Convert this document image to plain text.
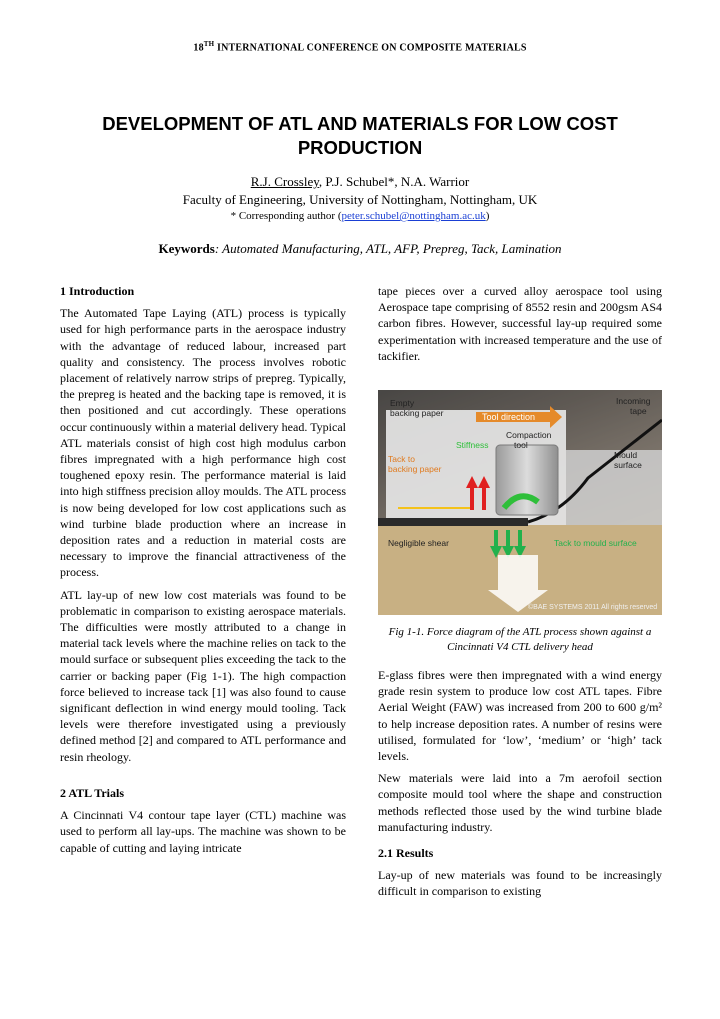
18TH INTERNATIONAL CONFERENCE ON COMPOSITE MATERIALS
DEVELOPMENT OF ATL AND MATERIALS FOR LOW COST PRODUCTION
R.J. Crossley, P.J. Schubel*, N.A. Warrior
Faculty of Engineering, University of Nottingham, Nottingham, UK
* Corresponding author (peter.schubel@nottingham.ac.uk)
Keywords: Automated Manufacturing, ATL, AFP, Prepreg, Tack, Lamination
1 Introduction

The Automated Tape Laying (ATL) process is typically used for high performance parts in the aerospace industry with the advantage of reduced labour, increased part quality and consistency. The process involves robotic placement of relatively narrow strips of prepreg. Typically, the prepreg is heated and the backing tape is removed, it is then positioned and cut accordingly. These operations occur continuously within a material delivery head. Typical ATL materials consist of high cost high modulus carbon fibres impregnated with a high performance high cost toughened epoxy resin. The performance material is laid into high stiffness precision alloy moulds. The ATL process is now being developed for low cost applications such as wind turbine blade production where an increase in deposition rates and a reduction in material costs are necessary to improve the financial attractiveness of the process.

ATL lay-up of new low cost materials was found to be problematic in comparison to existing aerospace materials. The difficulties were mostly attributed to a change in material tack levels where the machine relies on tack to the mould surface or subsequent plies exceeding the tack to the carrier or backing paper (Fig 1-1). The high compaction force believed to increase tack [1] was also found to cause significant deflection in wind energy mould tooling. Tack levels were therefore investigated using a previously defined method [2] and compared to ATL performance and resin rheology.

2 ATL Trials

A Cincinnati V4 contour tape layer (CTL) machine was used to perform all lay-ups. The machine was shown to be capable of cutting and laying intricate

tape pieces over a curved alloy aerospace tool using Aerospace tape comprising of 8552 resin and 200gsm AS4 carbon fibres. However, successful lay-up required some experimentation with increased temperature and the use of tackifier.

Empty
backing paper	Tool direction
Incoming
tape
Stiffness
Compaction
tool
Tack to
backing paper
Mould
surface
Negligible shear	Tack to mould surface
©BAE SYSTEMS 2011 All rights reserved
Fig 1-1. Force diagram of the ATL process shown against a Cincinnati V4 CTL delivery head

E-glass fibres were then impregnated with a wind energy grade resin system to produce low cost ATL tapes. Fibre Aerial Weight (FAW) was increased from 200 to 600 g/m² to help increase deposition rates. A number of resins were utilised, formulated for ‘low’, ‘medium’ or ‘high’ tack levels.

New materials were laid into a 7m aerofoil section composite mould tool where the shape and construction methods reflected those used by the wind turbine blade manufacturing industry.

2.1 Results

Lay-up of new materials was found to be increasingly difficult in comparison to existing
